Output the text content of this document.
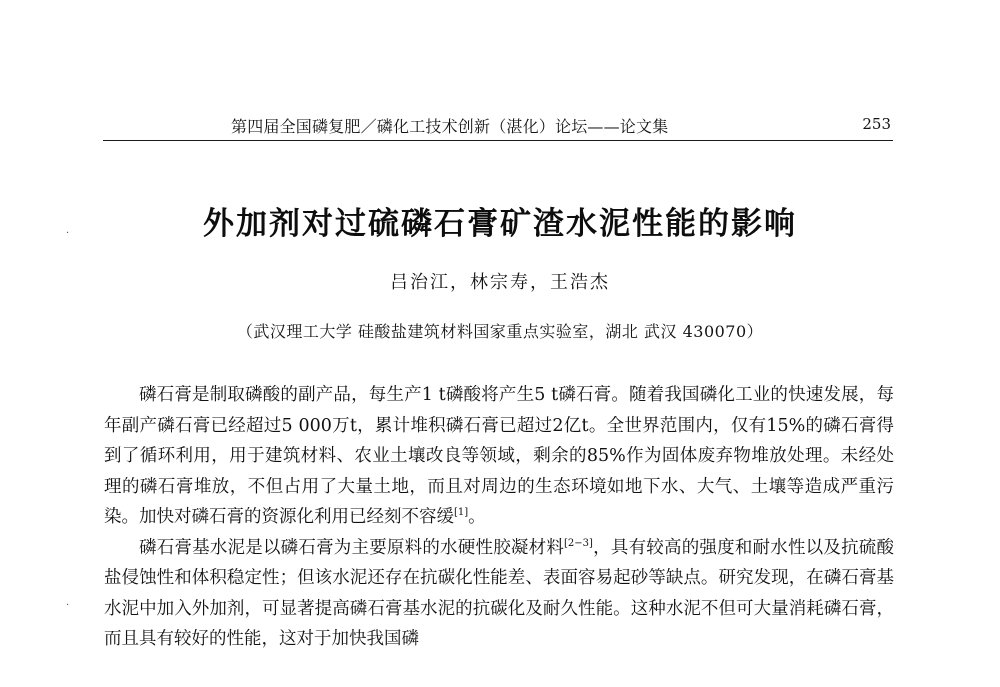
第四届全国磷复肥／磷化工技术创新（湛化）论坛——论文集	253
外加剂对过硫磷石膏矿渣水泥性能的影响
吕治江，林宗寿，王浩杰
（武汉理工大学 硅酸盐建筑材料国家重点实验室，湖北 武汉 430070）

磷石膏是制取磷酸的副产品，每生产1 t磷酸将产生5 t磷石膏。随着我国磷化工业的快速发展，每年副产磷石膏已经超过5 000万t，累计堆积磷石膏已超过2亿t。全世界范围内，仅有15%的磷石膏得到了循环利用，用于建筑材料、农业土壤改良等领域，剩余的85%作为固体废弃物堆放处理。未经处理的磷石膏堆放，不但占用了大量土地，而且对周边的生态环境如地下水、大气、土壤等造成严重污染。加快对磷石膏的资源化利用已经刻不容缓[1]。

磷石膏基水泥是以磷石膏为主要原料的水硬性胶凝材料[2−3]，具有较高的强度和耐水性以及抗硫酸盐侵蚀性和体积稳定性；但该水泥还存在抗碳化性能差、表面容易起砂等缺点。研究发现，在磷石膏基水泥中加入外加剂，可显著提高磷石膏基水泥的抗碳化及耐久性能。这种水泥不但可大量消耗磷石膏，而且具有较好的性能，这对于加快我国磷

·
·
